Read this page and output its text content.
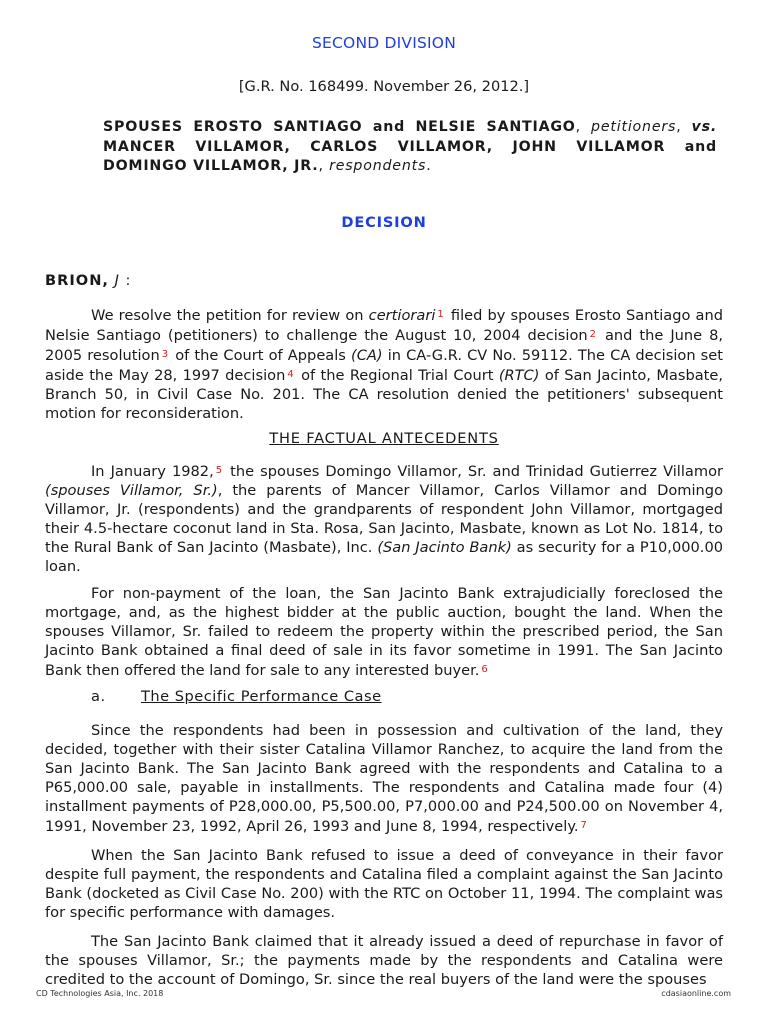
SECOND DIVISION
[G.R. No. 168499. November 26, 2012.]
SPOUSES EROSTO SANTIAGO and NELSIE SANTIAGO, petitioners, vs. MANCER VILLAMOR, CARLOS VILLAMOR, JOHN VILLAMOR and DOMINGO VILLAMOR, JR., respondents.
DECISION
BRION, J :

We resolve the petition for review on certiorari $^1$ filed by spouses Erosto Santiago and Nelsie Santiago (petitioners) to challenge the August 10, 2004 decision $^2$ and the June 8, 2005 resolution $^3$ of the Court of Appeals (CA) in CA-G.R. CV No. 59112. The CA decision set aside the May 28, 1997 decision $^4$ of the Regional Trial Court (RTC) of San Jacinto, Masbate, Branch 50, in Civil Case No. 201. The CA resolution denied the petitioners' subsequent motion for reconsideration.

THE FACTUAL ANTECEDENTS

In January 1982, $^5$ the spouses Domingo Villamor, Sr. and Trinidad Gutierrez Villamor (spouses Villamor, Sr.), the parents of Mancer Villamor, Carlos Villamor and Domingo Villamor, Jr. (respondents) and the grandparents of respondent John Villamor, mortgaged their 4.5-hectare coconut land in Sta. Rosa, San Jacinto, Masbate, known as Lot No. 1814, to the Rural Bank of San Jacinto (Masbate), Inc. (San Jacinto Bank) as security for a P10,000.00 loan.

For non-payment of the loan, the San Jacinto Bank extrajudicially foreclosed the mortgage, and, as the highest bidder at the public auction, bought the land. When the spouses Villamor, Sr. failed to redeem the property within the prescribed period, the San Jacinto Bank obtained a final deed of sale in its favor sometime in 1991. The San Jacinto Bank then offered the land for sale to any interested buyer. $^6$

a. The Specific Performance Case

Since the respondents had been in possession and cultivation of the land, they decided, together with their sister Catalina Villamor Ranchez, to acquire the land from the San Jacinto Bank. The San Jacinto Bank agreed with the respondents and Catalina to a P65,000.00 sale, payable in installments. The respondents and Catalina made four (4) installment payments of P28,000.00, P5,500.00, P7,000.00 and P24,500.00 on November 4, 1991, November 23, 1992, April 26, 1993 and June 8, 1994, respectively. $^7$

When the San Jacinto Bank refused to issue a deed of conveyance in their favor despite full payment, the respondents and Catalina filed a complaint against the San Jacinto Bank (docketed as Civil Case No. 200) with the RTC on October 11, 1994. The complaint was for specific performance with damages.

The San Jacinto Bank claimed that it already issued a deed of repurchase in favor of the spouses Villamor, Sr.; the payments made by the respondents and Catalina were credited to the account of Domingo, Sr. since the real buyers of the land were the spouses

CD Technologies Asia, Inc. 2018	cdasiaonline.com
